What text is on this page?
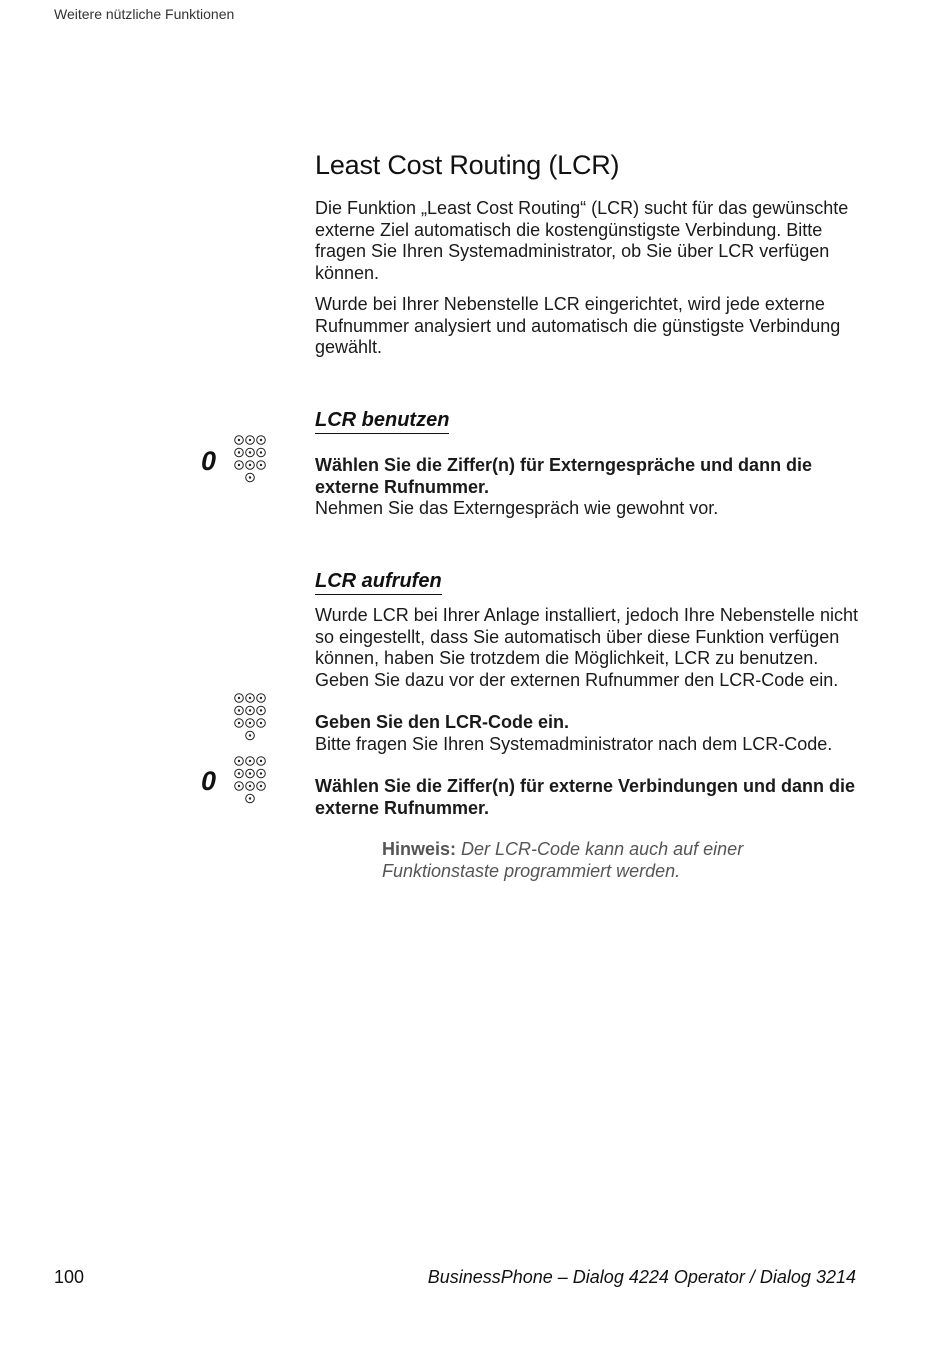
Weitere nützliche Funktionen
Least Cost Routing (LCR)

Die Funktion „Least Cost Routing“ (LCR) sucht für das gewünschte externe Ziel automatisch die kostengünstigste Verbindung. Bitte fragen Sie Ihren Systemadministrator, ob Sie über LCR verfügen können.

Wurde bei Ihrer Nebenstelle LCR eingerichtet, wird jede externe Rufnummer analysiert und automatisch die günstigste Verbindung gewählt.

LCR benutzen
0	Wählen Sie die Ziffer(n) für Externgespräche und dann die externe Rufnummer.
Nehmen Sie das Externgespräch wie gewohnt vor.

LCR aufrufen

Wurde LCR bei Ihrer Anlage installiert, jedoch Ihre Nebenstelle nicht so eingestellt, dass Sie automatisch über diese Funktion verfügen können, haben Sie trotzdem die Möglichkeit, LCR zu benutzen. Geben Sie dazu vor der externen Rufnummer den LCR-Code ein.

Geben Sie den LCR-Code ein.
Bitte fragen Sie Ihren Systemadministrator nach dem LCR-Code.

0	Wählen Sie die Ziffer(n) für externe Verbindungen und dann die externe Rufnummer.

Hinweis: Der LCR-Code kann auch auf einer Funktionstaste programmiert werden.

100	BusinessPhone – Dialog 4224 Operator / Dialog 3214
